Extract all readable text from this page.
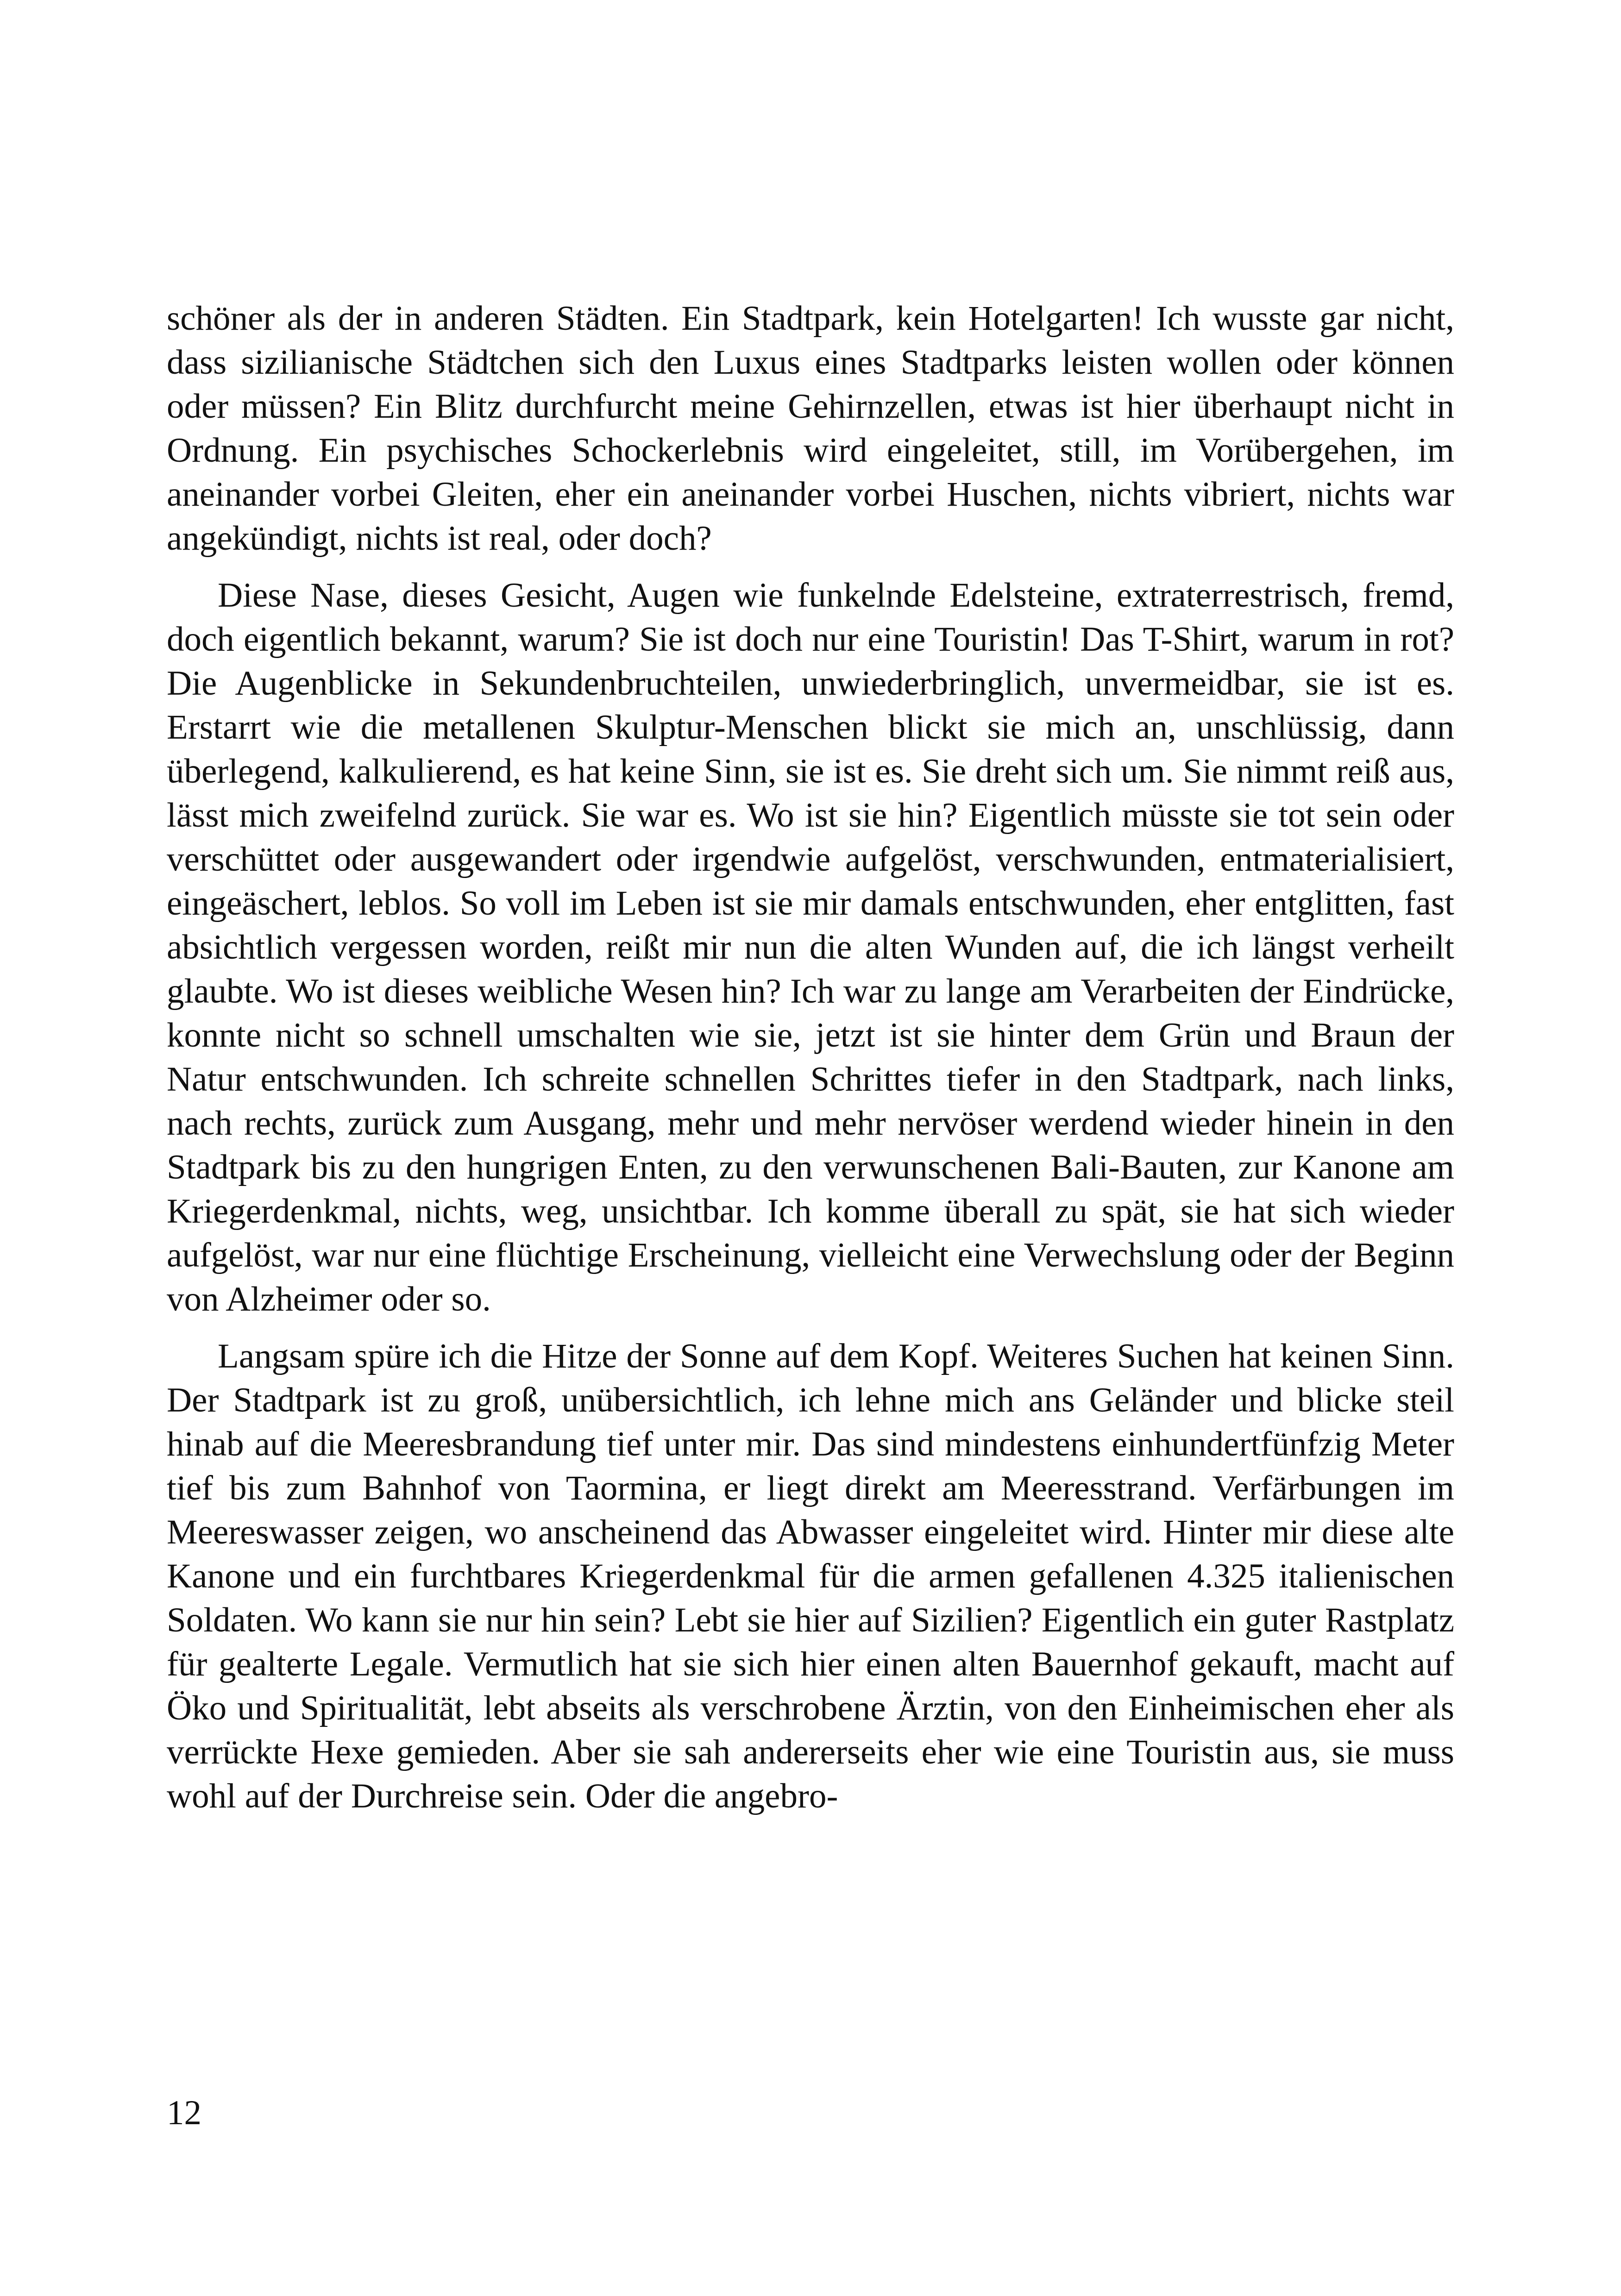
schöner als der in anderen Städten. Ein Stadtpark, kein Hotelgarten! Ich wusste gar nicht, dass sizilianische Städtchen sich den Luxus eines Stadtparks leisten wollen oder können oder müssen? Ein Blitz durchfurcht meine Gehirnzellen, etwas ist hier überhaupt nicht in Ordnung. Ein psychisches Schockerlebnis wird eingeleitet, still, im Vorübergehen, im aneinander vorbei Gleiten, eher ein aneinander vorbei Huschen, nichts vibriert, nichts war angekündigt, nichts ist real, oder doch?

Diese Nase, dieses Gesicht, Augen wie funkelnde Edelsteine, extraterrestrisch, fremd, doch eigentlich bekannt, warum? Sie ist doch nur eine Touristin! Das T-Shirt, warum in rot? Die Augenblicke in Sekundenbruchteilen, unwiederbringlich, unvermeidbar, sie ist es. Erstarrt wie die metallenen Skulptur-Menschen blickt sie mich an, unschlüssig, dann überlegend, kalkulierend, es hat keine Sinn, sie ist es. Sie dreht sich um. Sie nimmt reiß aus, lässt mich zweifelnd zurück. Sie war es. Wo ist sie hin? Eigentlich müsste sie tot sein oder verschüttet oder ausgewandert oder irgendwie aufgelöst, verschwunden, entmaterialisiert, eingeäschert, leblos. So voll im Leben ist sie mir damals entschwunden, eher entglitten, fast absichtlich vergessen worden, reißt mir nun die alten Wunden auf, die ich längst verheilt glaubte. Wo ist dieses weibliche Wesen hin? Ich war zu lange am Verarbeiten der Eindrücke, konnte nicht so schnell umschalten wie sie, jetzt ist sie hinter dem Grün und Braun der Natur entschwunden. Ich schreite schnellen Schrittes tiefer in den Stadtpark, nach links, nach rechts, zurück zum Ausgang, mehr und mehr nervöser werdend wieder hinein in den Stadtpark bis zu den hungrigen Enten, zu den verwunschenen Bali-Bauten, zur Kanone am Kriegerdenkmal, nichts, weg, unsichtbar. Ich komme überall zu spät, sie hat sich wieder aufgelöst, war nur eine flüchtige Erscheinung, vielleicht eine Verwechslung oder der Beginn von Alzheimer oder so.

Langsam spüre ich die Hitze der Sonne auf dem Kopf. Weiteres Suchen hat keinen Sinn. Der Stadtpark ist zu groß, unübersichtlich, ich lehne mich ans Geländer und blicke steil hinab auf die Meeresbrandung tief unter mir. Das sind mindestens einhundertfünfzig Meter tief bis zum Bahnhof von Taormina, er liegt direkt am Meeresstrand. Verfärbungen im Meereswasser zeigen, wo anscheinend das Abwasser eingeleitet wird. Hinter mir diese alte Kanone und ein furchtbares Kriegerdenkmal für die armen gefallenen 4.325 italienischen Soldaten. Wo kann sie nur hin sein? Lebt sie hier auf Sizilien? Eigentlich ein guter Rastplatz für gealterte Legale. Vermutlich hat sie sich hier einen alten Bauernhof gekauft, macht auf Öko und Spiritualität, lebt abseits als verschrobene Ärztin, von den Einheimischen eher als verrückte Hexe gemieden. Aber sie sah andererseits eher wie eine Touristin aus, sie muss wohl auf der Durchreise sein. Oder die angebro-

12
